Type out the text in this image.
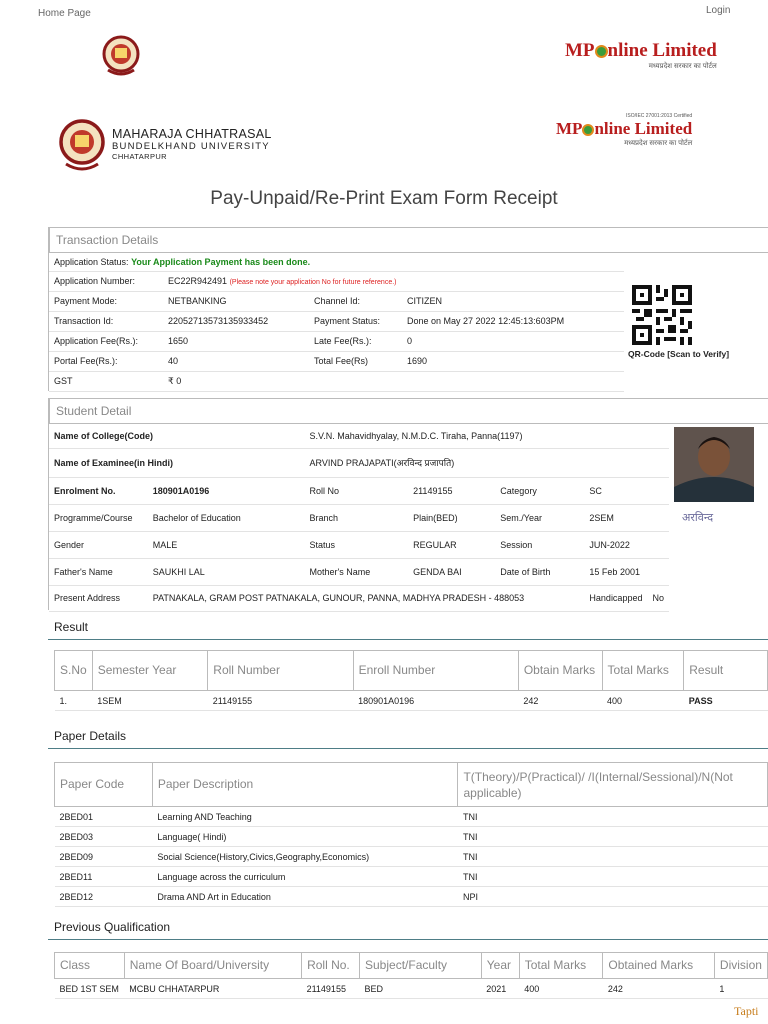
Home Page	Login
MP nline Limited
मध्यप्रदेश सरकार का पोर्टल
MAHARAJA CHHATRASAL
BUNDELKHAND UNIVERSITY
CHHATARPUR
ISO/IEC 27001:2013 Certified
MP nline Limited
मध्यप्रदेश सरकार का पोर्टल
Pay-Unpaid/Re-Print Exam Form Receipt
Transaction Details
Application Status: Your Application Payment has been done.			
Application Number:	EC22R942491 (Please note your application No for future reference.)		
Payment Mode:	NETBANKING	Channel Id:	CITIZEN
Transaction Id:	22052713573135933452	Payment Status:	Done on May 27 2022 12:45:13:603PM
Application Fee(Rs.):	1650	Late Fee(Rs.):	0
Portal Fee(Rs.):	40	Total Fee(Rs)	1690
GST	₹ 0		
QR-Code [Scan to Verify]
Student Detail
Name of College(Code)		S.V.N. Mahavidhyalay, N.M.D.C. Tiraha, Panna(1197)			
Name of Examinee(in Hindi)		ARVIND PRAJAPATI(अरविन्द प्रजापति)			
Enrolment No.	180901A0196	Roll No	21149155	Category	SC
Programme/Course	Bachelor of Education	Branch	Plain(BED)	Sem./Year	2SEM
Gender	MALE	Status	REGULAR	Session	JUN-2022
Father's Name	SAUKHI LAL	Mother's Name	GENDA BAI	Date of Birth	15 Feb 2001
Present Address	PATNAKALA, GRAM POST PATNAKALA, GUNOUR, PANNA, MADHYA PRADESH - 488053				Handicapped No
अरविन्द
Result
S.No	Semester Year	Roll Number	Enroll Number	Obtain Marks	Total Marks	Result
1.	1SEM	21149155	180901A0196	242	400	PASS
Paper Details
Paper Code	Paper Description	T(Theory)/P(Practical)/ /I(Internal/Sessional)/N(Not applicable)
2BED01	Learning AND Teaching	TNI
2BED03	Language( Hindi)	TNI
2BED09	Social Science(History,Civics,Geography,Economics)	TNI
2BED11	Language across the curriculum	TNI
2BED12	Drama AND Art in Education	NPI
Previous Qualification
Class	Name Of Board/University	Roll No.	Subject/Faculty	Year	Total Marks	Obtained Marks	Division
BED 1ST SEM	MCBU CHHATARPUR	21149155	BED	2021	400	242	1
Tapti
